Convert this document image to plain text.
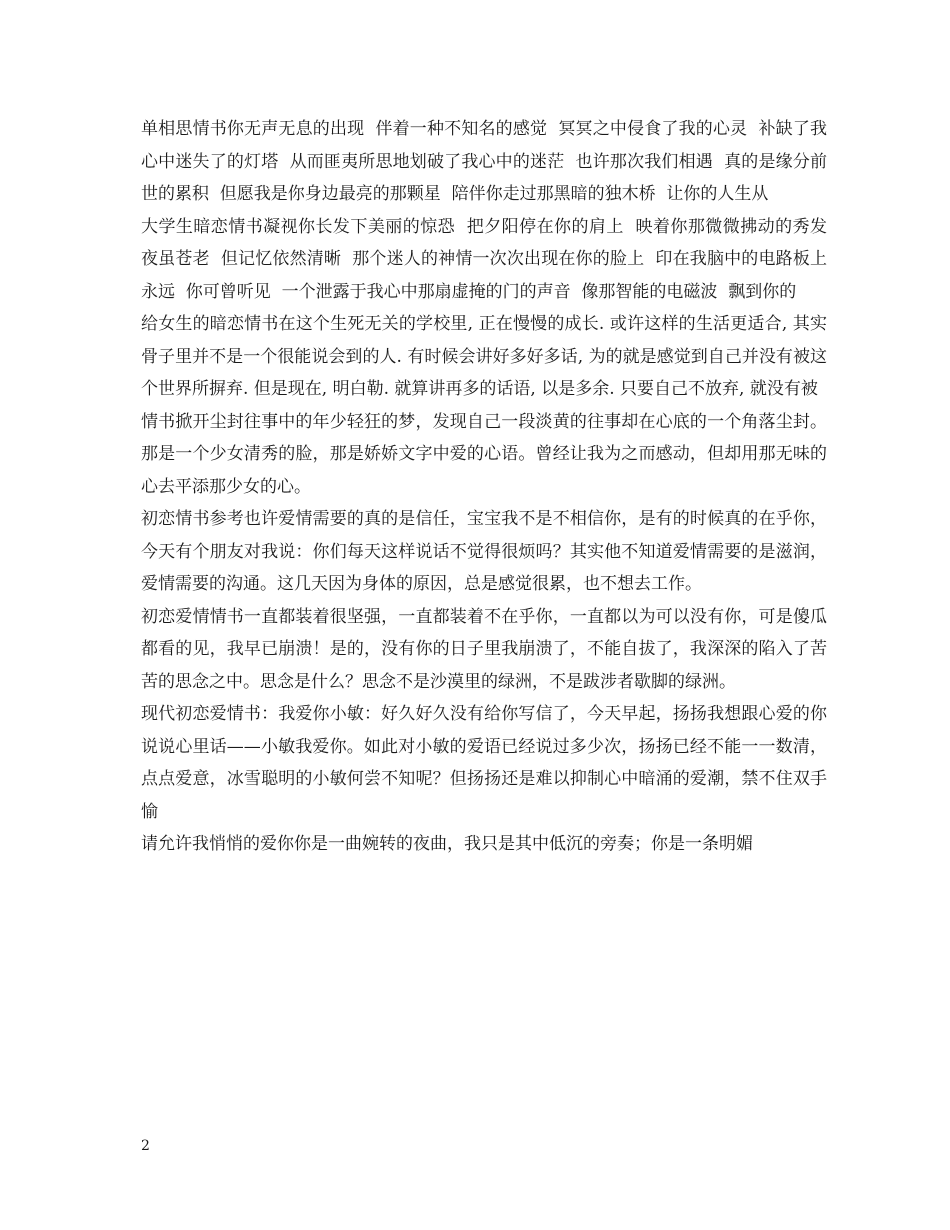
单相思情书你无声无息的出现  伴着一种不知名的感觉  冥冥之中侵食了我的心灵  补缺了我心中迷失了的灯塔  从而匪夷所思地划破了我心中的迷茫  也许那次我们相遇  真的是缘分前世的累积  但愿我是你身边最亮的那颗星  陪伴你走过那黑暗的独木桥  让你的人生从

大学生暗恋情书凝视你长发下美丽的惊恐  把夕阳停在你的肩上  映着你那微微拂动的秀发  夜虽苍老  但记忆依然清晰  那个迷人的神情一次次出现在你的脸上  印在我脑中的电路板上  永远  你可曾听见  一个泄露于我心中那扇虚掩的门的声音  像那智能的电磁波  飘到你的

给女生的暗恋情书在这个生死无关的学校里, 正在慢慢的成长. 或许这样的生活更适合, 其实骨子里并不是一个很能说会到的人. 有时候会讲好多好多话, 为的就是感觉到自己并没有被这个世界所摒弃. 但是现在, 明白勒. 就算讲再多的话语, 以是多余. 只要自己不放弃, 就没有被

情书掀开尘封往事中的年少轻狂的梦，发现自己一段淡黄的往事却在心底的一个角落尘封。那是一个少女清秀的脸，那是娇娇文字中爱的心语。曾经让我为之而感动，但却用那无味的心去平添那少女的心。

初恋情书参考也许爱情需要的真的是信任，宝宝我不是不相信你，是有的时候真的在乎你，今天有个朋友对我说：你们每天这样说话不觉得很烦吗？其实他不知道爱情需要的是滋润，爱情需要的沟通。这几天因为身体的原因，总是感觉很累，也不想去工作。

初恋爱情情书一直都装着很坚强，一直都装着不在乎你，一直都以为可以没有你，可是傻瓜都看的见，我早已崩溃！是的，没有你的日子里我崩溃了，不能自拔了，我深深的陷入了苦苦的思念之中。思念是什么？思念不是沙漠里的绿洲，不是跋涉者歇脚的绿洲。

现代初恋爱情书：我爱你小敏：好久好久没有给你写信了，今天早起，扬扬我想跟心爱的你说说心里话——小敏我爱你。如此对小敏的爱语已经说过多少次，扬扬已经不能一一数清，点点爱意，冰雪聪明的小敏何尝不知呢？但扬扬还是难以抑制心中暗涌的爱潮，禁不住双手愉

请允许我悄悄的爱你你是一曲婉转的夜曲，我只是其中低沉的旁奏；你是一条明媚

2
